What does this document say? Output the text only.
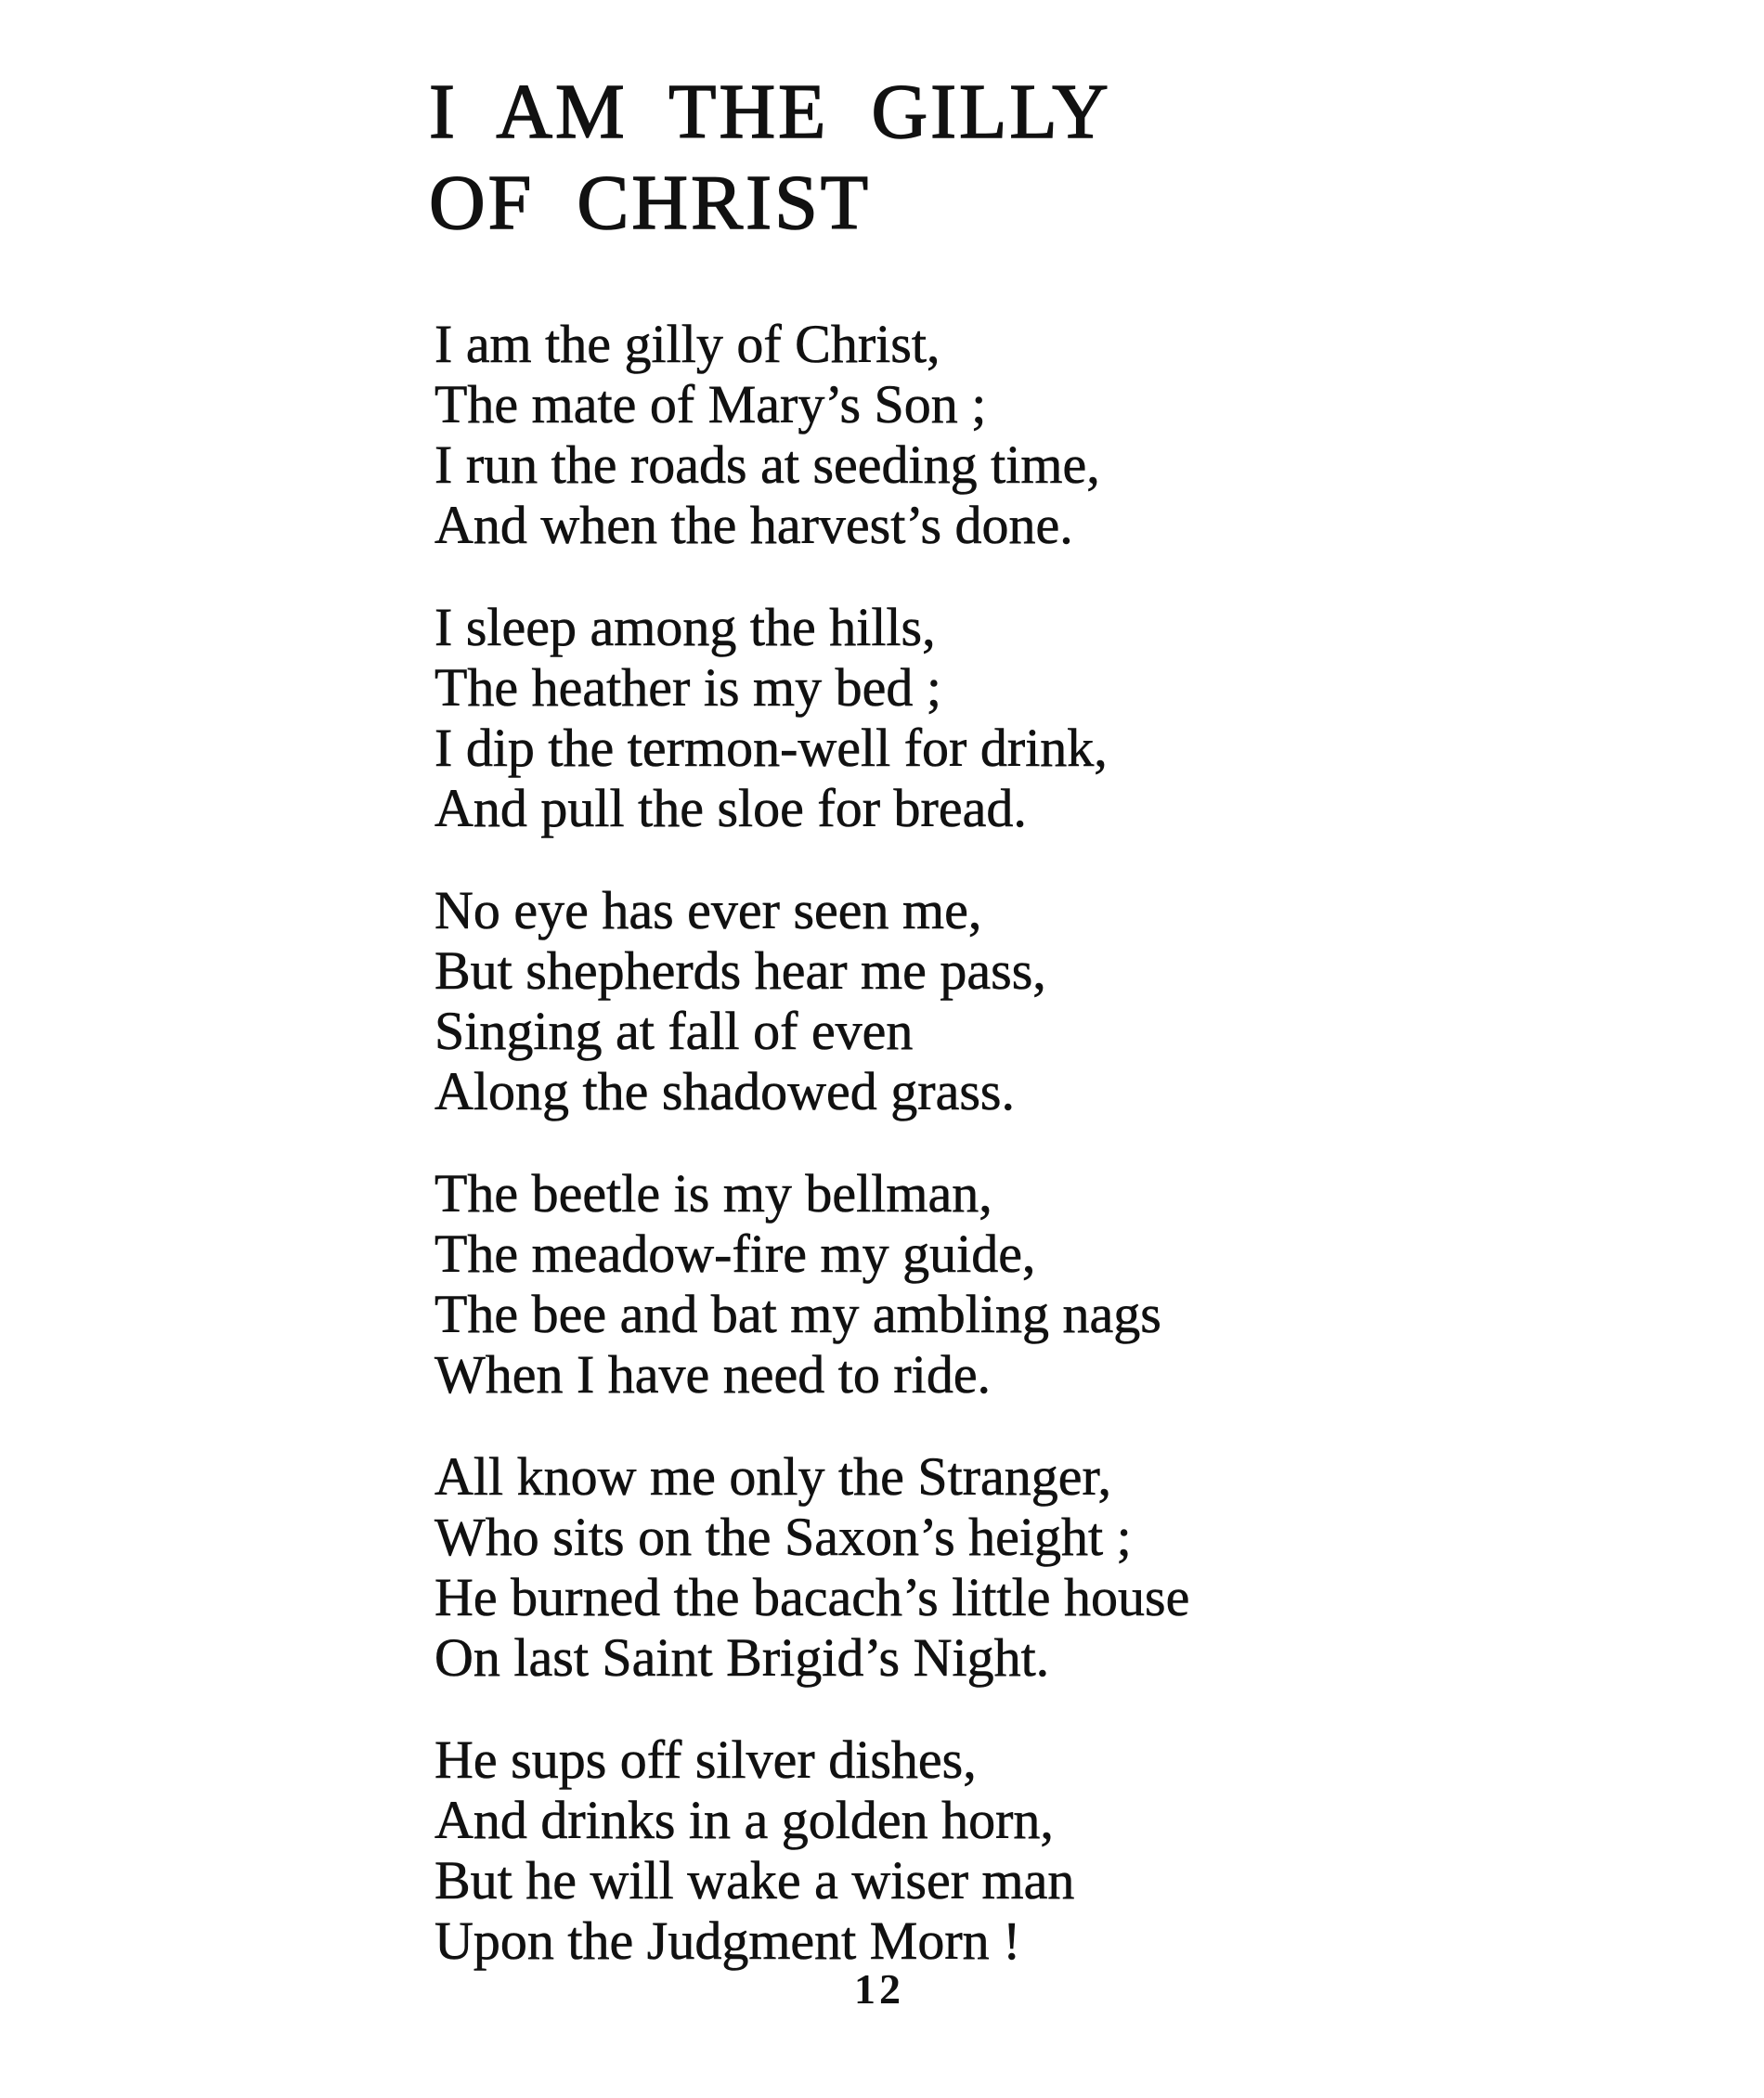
I AM THE GILLY
OF CHRIST
I am the gilly of Christ,
The mate of Mary’s Son ;
I run the roads at seeding time,
And when the harvest’s done.
I sleep among the hills,
The heather is my bed ;
I dip the termon-well for drink,
And pull the sloe for bread.
No eye has ever seen me,
But shepherds hear me pass,
Singing at fall of even
Along the shadowed grass.
The beetle is my bellman,
The meadow-fire my guide,
The bee and bat my ambling nags
When I have need to ride.
All know me only the Stranger,
Who sits on the Saxon’s height ;
He burned the bacach’s little house
On last Saint Brigid’s Night.
He sups off silver dishes,
And drinks in a golden horn,
But he will wake a wiser man
Upon the Judgment Morn !
12
